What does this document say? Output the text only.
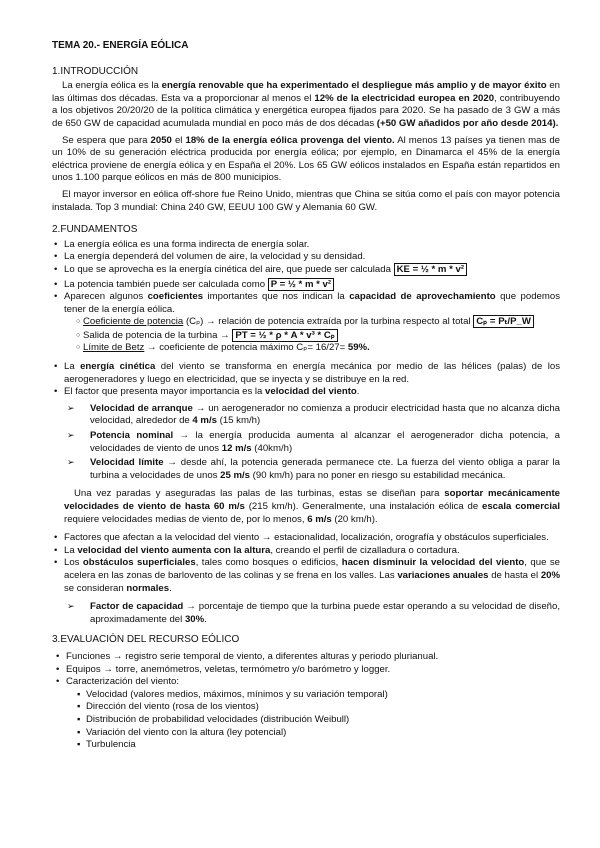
TEMA 20.- ENERGÍA EÓLICA
1.INTRODUCCIÓN

La energía eólica es la energía renovable que ha experimentado el despliegue más amplio y de mayor éxito en las últimas dos décadas. Esta va a proporcionar al menos el 12% de la electricidad europea en 2020, contribuyendo a los objetivos 20/20/20 de la política climática y energética europea fijados para 2020. Se ha pasado de 3 GW a más de 650 GW de capacidad acumulada mundial en poco más de dos décadas (+50 GW añadidos por año desde 2014).

Se espera que para 2050 el 18% de la energía eólica provenga del viento. Al menos 13 países ya tienen mas de un 10% de su generación eléctrica producida por energía eólica; por ejemplo, en Dinamarca el 45% de la energía eléctrica proviene de energía eólica y en España el 20%. Los 65 GW eólicos instalados en España están repartidos en unos 1.100 parque eólicos en más de 800 municipios.

El mayor inversor en eólica off-shore fue Reino Unido, mientras que China se sitúa como el país con mayor potencia instalada. Top 3 mundial: China 240 GW, EEUU 100 GW y Alemania 60 GW.

2.FUNDAMENTOS
• La energía eólica es una forma indirecta de energía solar.
• La energía dependerá del volumen de aire, la velocidad y su densidad.
• Lo que se aprovecha es la energía cinética del aire, que puede ser calculada KE = ½ * m * v²
• La potencia también puede ser calculada como P = ½ * m * v²
• Aparecen algunos coeficientes importantes que nos indican la capacidad de aprovechamiento que podemos tener de la energía eólica.
○ Coeficiente de potencia (Cₚ) → relación de potencia extraída por la turbina respecto al total Cₚ = Pₜ/P_W
○ Salida de potencia de la turbina → PT = ½ * ρ * A * v³ * Cₚ
○ Límite de Betz → coeficiente de potencia máximo Cₚ= 16/27= 59%.
• La energía cinética del viento se transforma en energía mecánica por medio de las hélices (palas) de los aerogeneradores y luego en electricidad, que se inyecta y se distribuye en la red.
• El factor que presenta mayor importancia es la velocidad del viento.
➢ Velocidad de arranque → un aerogenerador no comienza a producir electricidad hasta que no alcanza dicha velocidad, alrededor de 4 m/s (15 km/h)
➢ Potencia nominal → la energía producida aumenta al alcanzar el aerogenerador dicha potencia, a velocidades de viento de unos 12 m/s (40km/h)
➢ Velocidad límite → desde ahí, la potencia generada permanece cte. La fuerza del viento obliga a parar la turbina a velocidades de unos 25 m/s (90 km/h) para no poner en riesgo su estabilidad mecánica.

Una vez paradas y aseguradas las palas de las turbinas, estas se diseñan para soportar mecánicamente velocidades de viento de hasta 60 m/s (215 km/h). Generalmente, una instalación eólica de escala comercial requiere velocidades medias de viento de, por lo menos, 6 m/s (20 km/h).

• Factores que afectan a la velocidad del viento → estacionalidad, localización, orografía y obstáculos superficiales.
• La velocidad del viento aumenta con la altura, creando el perfil de cizalladura o cortadura.
• Los obstáculos superficiales, tales como bosques o edificios, hacen disminuir la velocidad del viento, que se acelera en las zonas de barlovento de las colinas y se frena en los valles. Las variaciones anuales de hasta el 20% se consideran normales.
➢ Factor de capacidad → porcentaje de tiempo que la turbina puede estar operando a su velocidad de diseño, aproximadamente del 30%.
3.EVALUACIÓN DEL RECURSO EÓLICO
• Funciones → registro serie temporal de viento, a diferentes alturas y periodo plurianual.
• Equipos → torre, anemómetros, veletas, termómetro y/o barómetro y logger.
• Caracterización del viento:
▪ Velocidad (valores medios, máximos, mínimos y su variación temporal)
▪ Dirección del viento (rosa de los vientos)
▪ Distribución de probabilidad velocidades (distribución Weibull)
▪ Variación del viento con la altura (ley potencial)
▪ Turbulencia
